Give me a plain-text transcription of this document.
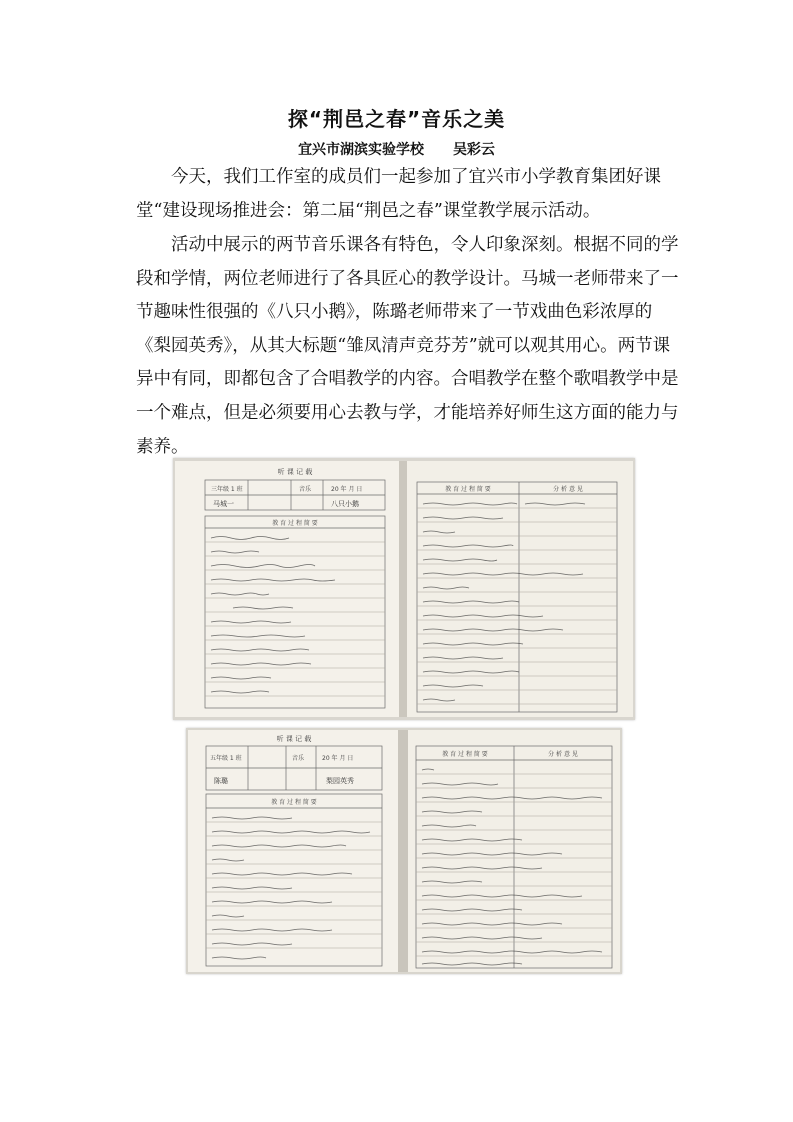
探“荆邑之春”音乐之美
宜兴市湖滨实验学校 吴彩云

今天，我们工作室的成员们一起参加了宜兴市小学教育集团好课堂“建设现场推进会：第二届“荆邑之春”课堂教学展示活动。

活动中展示的两节音乐课各有特色，令人印象深刻。根据不同的学段和学情，两位老师进行了各具匠心的教学设计。马城一老师带来了一节趣味性很强的《八只小鹅》，陈璐老师带来了一节戏曲色彩浓厚的《梨园英秀》，从其大标题“雏凤清声竞芬芳”就可以观其用心。两节课异中有同，即都包含了合唱教学的内容。合唱教学在整个歌唱教学中是一个难点，但是必须要用心去教与学，才能培养好师生这方面的能力与素养。

听 课 记 载
三年级 1 班	音乐	20 年 月 日
马城一	八只小鹅
教 育 过 程 简 要
教 育 过 程 简 要	分 析 意 见
听 课 记 载
五年级 1 班	音乐	20 年 月 日
陈璐	梨园英秀
教 育 过 程 简 要
教 育 过 程 简 要	分 析 意 见
